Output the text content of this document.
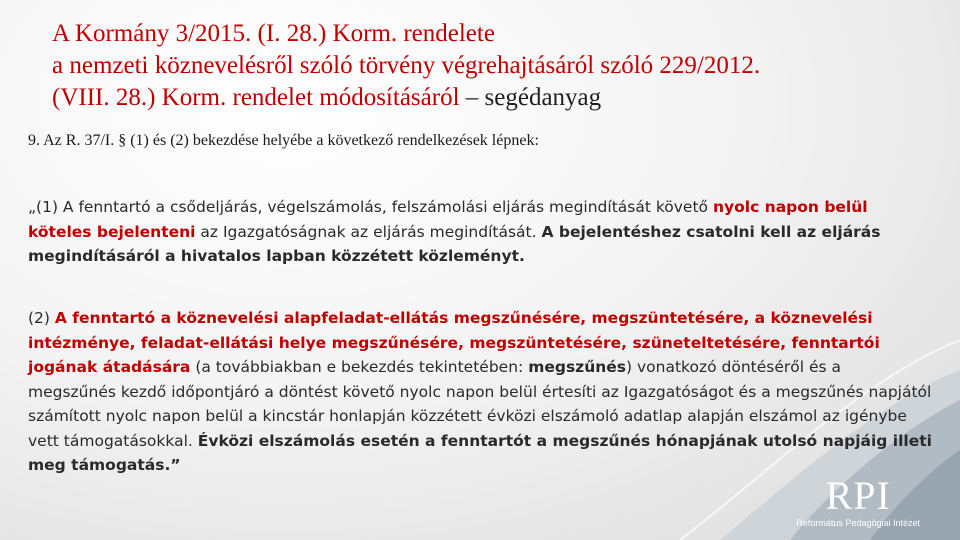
A Kormány 3/2015. (I. 28.) Korm. rendelete
a nemzeti köznevelésről szóló törvény végrehajtásáról szóló 229/2012.
(VIII. 28.) Korm. rendelet módosításáról – segédanyag
9. Az R. 37/I. § (1) és (2) bekezdése helyébe a következő rendelkezések lépnek:
„(1) A fenntartó a csődeljárás, végelszámolás, felszámolási eljárás megindítását követő nyolc napon belül köteles bejelenteni az Igazgatóságnak az eljárás megindítását. A bejelentéshez csatolni kell az eljárás megindításáról a hivatalos lapban közzétett közleményt.
(2) A fenntartó a köznevelési alapfeladat-ellátás megszűnésére, megszüntetésére, a köznevelési intézménye, feladat-ellátási helye megszűnésére, megszüntetésére, szüneteltetésére, fenntartói jogának átadására (a továbbiakban e bekezdés tekintetében: megszűnés) vonatkozó döntéséről és a megszűnés kezdő időpontjáró a döntést követő nyolc napon belül értesíti az Igazgatóságot és a megszűnés napjától számított nyolc napon belül a kincstár honlapján közzétett évközi elszámoló adatlap alapján elszámol az igénybe vett támogatásokkal. Évközi elszámolás esetén a fenntartót a megszűnés hónapjának utolsó napjáig illeti meg támogatás.”
RPI
Református Pedagógiai Intézet
